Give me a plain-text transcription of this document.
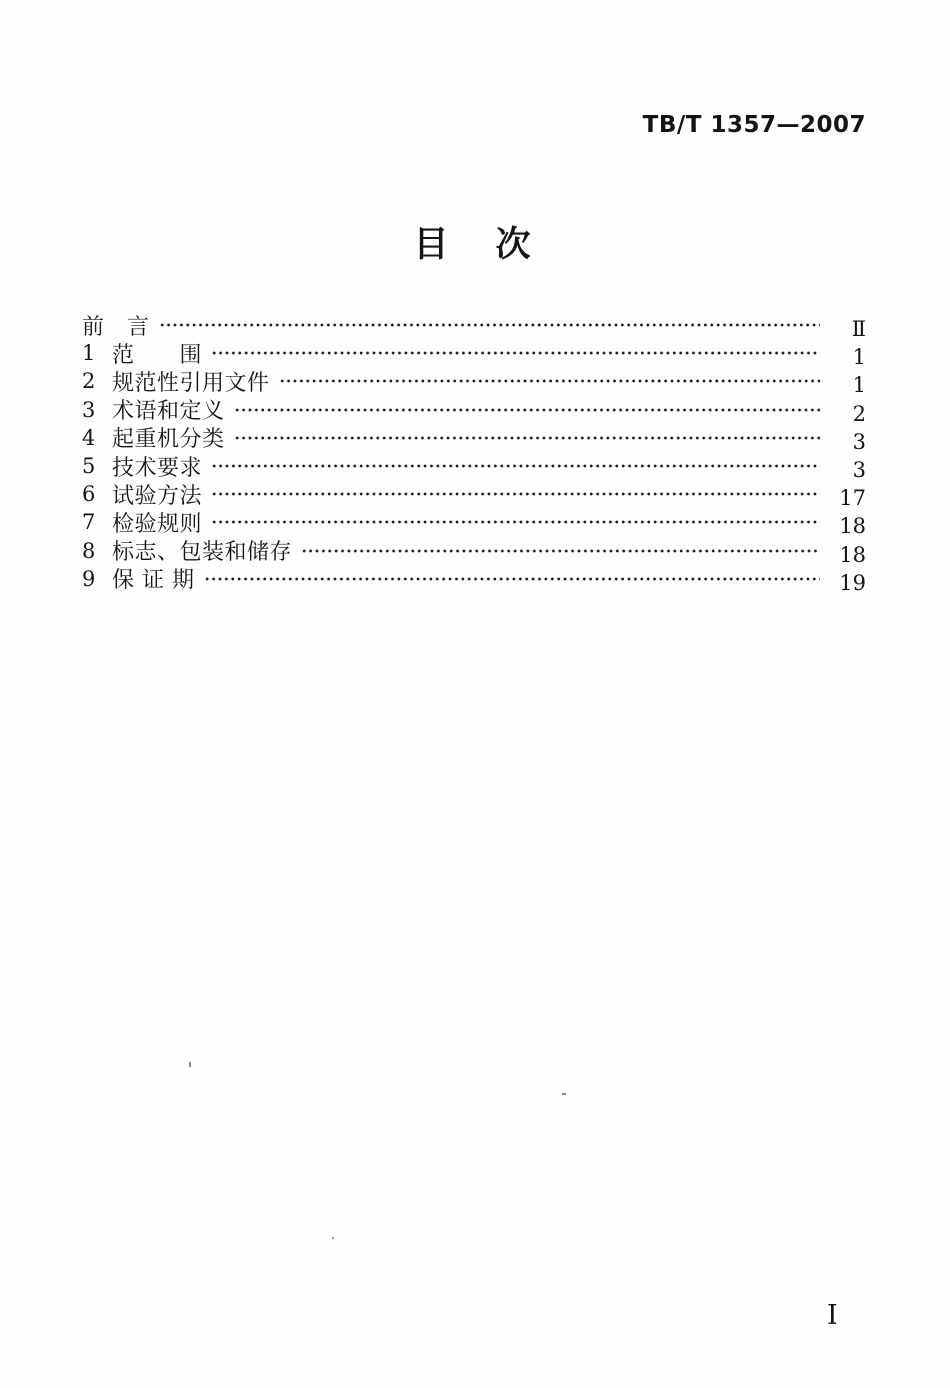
TB/T 1357—2007
目　次
前　言	Ⅱ
1 范　　围	1
2 规范性引用文件	1
3 术语和定义	2
4 起重机分类	3
5 技术要求	3
6 试验方法	17
7 检验规则	18
8 标志、包装和储存	18
9 保 证 期	19
I
